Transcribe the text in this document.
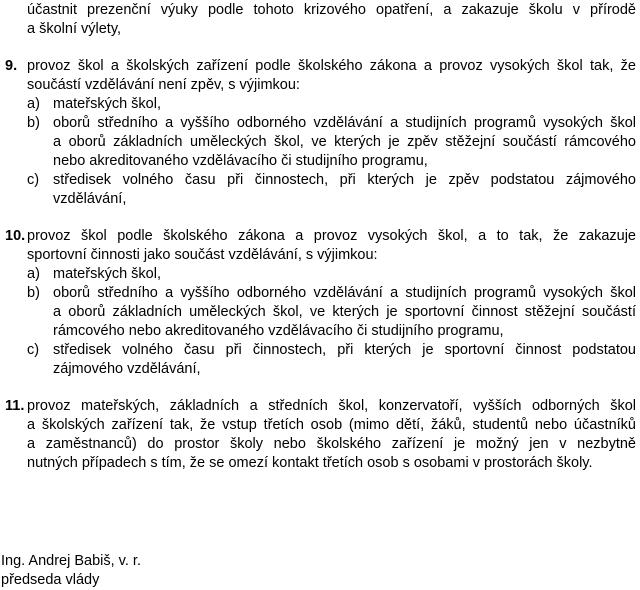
účastnit prezenční výuky podle tohoto krizového opatření, a zakazuje školu v přírodě
a školní výlety,
9. provoz škol a školských zařízení podle školského zákona a provoz vysokých škol tak, že
součástí vzdělávání není zpěv, s výjimkou:
a) mateřských škol,
b) oborů středního a vyššího odborného vzdělávání a studijních programů vysokých škol
a oborů základních uměleckých škol, ve kterých je zpěv stěžejní součástí rámcového
nebo akreditovaného vzdělávacího či studijního programu,
c) středisek volného času při činnostech, při kterých je zpěv podstatou zájmového
vzdělávání,
10. provoz škol podle školského zákona a provoz vysokých škol, a to tak, že zakazuje
sportovní činnosti jako součást vzdělávání, s výjimkou:
a) mateřských škol,
b) oborů středního a vyššího odborného vzdělávání a studijních programů vysokých škol
a oborů základních uměleckých škol, ve kterých je sportovní činnost stěžejní součástí
rámcového nebo akreditovaného vzdělávacího či studijního programu,
c) středisek volného času při činnostech, při kterých je sportovní činnost podstatou
zájmového vzdělávání,
11. provoz mateřských, základních a středních škol, konzervatoří, vyšších odborných škol
a školských zařízení tak, že vstup třetích osob (mimo dětí, žáků, studentů nebo účastníků
a zaměstnanců) do prostor školy nebo školského zařízení je možný jen v nezbytně
nutných případech s tím, že se omezí kontakt třetích osob s osobami v prostorách školy.
Ing. Andrej Babiš, v. r.
předseda vlády
